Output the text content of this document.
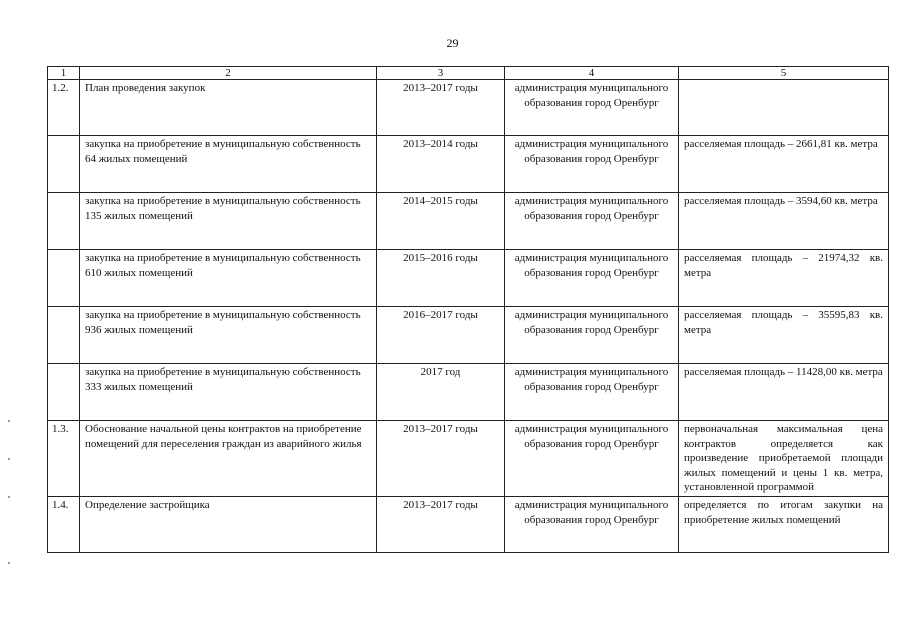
29
1	2	3	4	5
1.2.	План проведения закупок	2013–2017 годы	администрация муниципального образования город Оренбург	
	закупка на приобретение в муниципальную собственность 64 жилых помещений	2013–2014 годы	администрация муниципального образования город Оренбург	расселяемая площадь – 2661,81 кв. метра
	закупка на приобретение в муниципальную собственность 135 жилых помещений	2014–2015 годы	администрация муниципального образования город Оренбург	расселяемая площадь – 3594,60 кв. метра
	закупка на приобретение в муниципальную собственность 610 жилых помещений	2015–2016 годы	администрация муниципального образования город Оренбург	расселяемая площадь – 21974,32 кв. метра
	закупка на приобретение в муниципальную собственность 936 жилых помещений	2016–2017 годы	администрация муниципального образования город Оренбург	расселяемая площадь – 35595,83 кв. метра
	закупка на приобретение в муниципальную собственность 333 жилых помещений	2017 год	администрация муниципального образования город Оренбург	расселяемая площадь – 11428,00 кв. метра
1.3.	Обоснование начальной цены контрактов на приобретение помещений для переселения граждан из аварийного жилья	2013–2017 годы	администрация муниципального образования город Оренбург	первоначальная максимальная цена контрактов определяется как произведение приобретаемой площади жилых помещений и цены 1 кв. метра, установленной программой
1.4.	Определение застройщика	2013–2017 годы	администрация муниципального образования город Оренбург	определяется по итогам закупки на приобретение жилых помещений
